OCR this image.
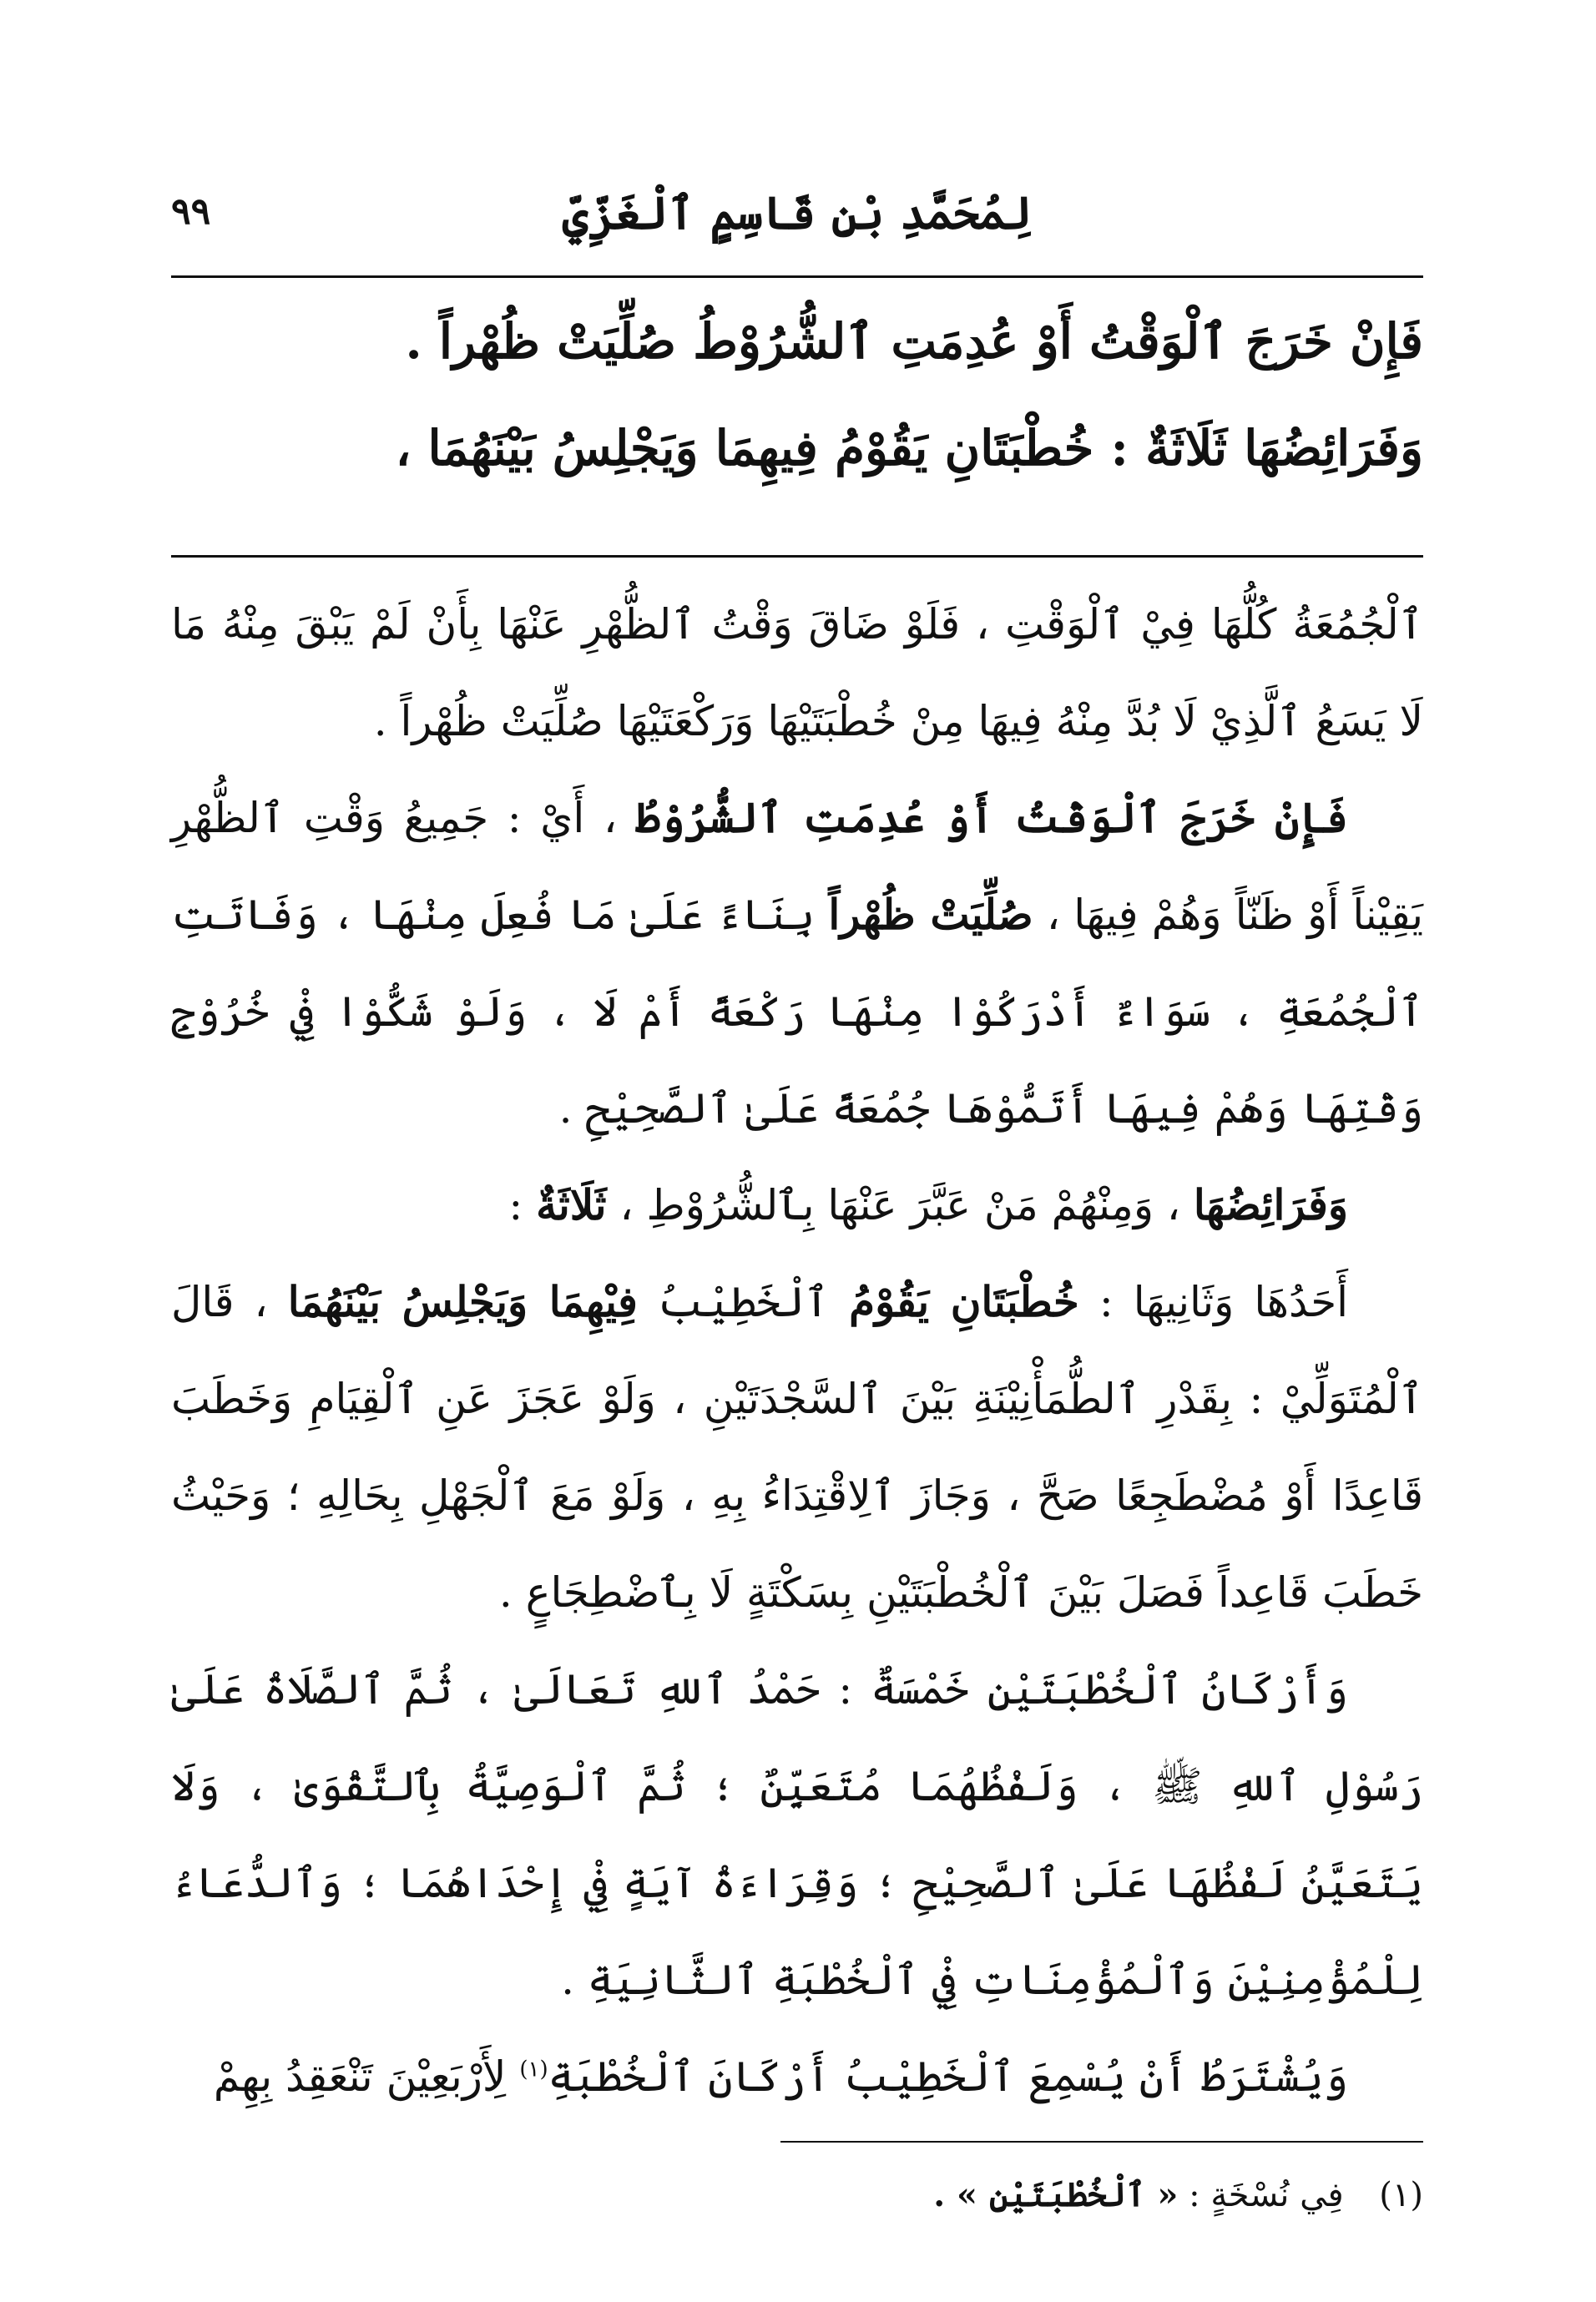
٩٩	لِمُحَمَّدِ بْنِ قَاسِمٍ ٱلْغَزِّيِّ

فَإِنْ خَرَجَ ٱلْوَقْتُ أَوْ عُدِمَتِ ٱلشُّرُوْطُ صُلِّيَتْ ظُهْراً .

وَفَرَائِضُهَا ثَلَاثَةٌ : خُطْبَتَانِ يَقُوْمُ فِيهِمَا وَيَجْلِسُ بَيْنَهُمَا ،

ٱلْجُمُعَةُ كُلُّهَا فِيْ ٱلْوَقْتِ ، فَلَوْ ضَاقَ وَقْتُ ٱلظُّهْرِ عَنْهَا بِأَنْ لَمْ يَبْقَ مِنْهُ مَا لَا يَسَعُ ٱلَّذِيْ لَا بُدَّ مِنْهُ فِيهَا مِنْ خُطْبَتَيْهَا وَرَكْعَتَيْهَا صُلِّيَتْ ظُهْراً .

فَإِنْ خَرَجَ ٱلْوَقْتُ أَوْ عُدِمَتِ ٱلشُّرُوْطُ ، أَيْ : جَمِيعُ وَقْتِ ٱلظُّهْرِ يَقِيْناً أَوْ ظَنّاً وَهُمْ فِيهَا ، صُلِّيَتْ ظُهْراً بِنَاءً عَلَىٰ مَا فُعِلَ مِنْهَا ، وَفَاتَتِ ٱلْجُمُعَةِ ، سَوَاءٌ أَدْرَكُوْا مِنْهَا رَكْعَةً أَمْ لَا ، وَلَوْ شَكُّوْا فِيْ خُرُوْجِ وَقْتِهَا وَهُمْ فِيهَا أَتَمُّوْهَا جُمُعَةً عَلَىٰ ٱلصَّحِيْحِ .

وَفَرَائِضُهَا ، وَمِنْهُمْ مَنْ عَبَّرَ عَنْهَا بِٱلشُّرُوْطِ ، ثَلَاثَةٌ :

أَحَدُهَا وَثَانِيهَا : خُطْبَتَانِ يَقُوْمُ ٱلْخَطِيْبُ فِيْهِمَا وَيَجْلِسُ بَيْنَهُمَا ، قَالَ ٱلْمُتَوَلِّيْ : بِقَدْرِ ٱلطُّمَأْنِيْنَةِ بَيْنَ ٱلسَّجْدَتَيْنِ ، وَلَوْ عَجَزَ عَنِ ٱلْقِيَامِ وَخَطَبَ قَاعِدًا أَوْ مُضْطَجِعًا صَحَّ ، وَجَازَ ٱلِاقْتِدَاءُ بِهِ ، وَلَوْ مَعَ ٱلْجَهْلِ بِحَالِهِ ؛ وَحَيْثُ خَطَبَ قَاعِداً فَصَلَ بَيْنَ ٱلْخُطْبَتَيْنِ بِسَكْتَةٍ لَا بِٱضْطِجَاعٍ .

وَأَرْكَانُ ٱلْخُطْبَتَيْنِ خَمْسَةٌ : حَمْدُ ٱللهِ تَعَالَىٰ ، ثُمَّ ٱلصَّلَاةُ عَلَىٰ رَسُوْلِ ٱللهِ ﷺ ، وَلَفْظُهُمَا مُتَعَيِّنٌ ؛ ثُمَّ ٱلْوَصِيَّةُ بِٱلتَّقْوَىٰ ، وَلَا يَتَعَيَّنُ لَفْظُهَا عَلَىٰ ٱلصَّحِيْحِ ؛ وَقِرَاءَةُ آيَةٍ فِيْ إِحْدَاهُمَا ؛ وَٱلدُّعَاءُ لِلْمُؤْمِنِيْنَ وَٱلْمُؤْمِنَاتِ فِيْ ٱلْخُطْبَةِ ٱلثَّانِيَةِ .

وَيُشْتَرَطُ أَنْ يُسْمِعَ ٱلْخَطِيْبُ أَرْكَانَ ٱلْخُطْبَةِ$^{(١)}$ لِأَرْبَعِيْنَ تَنْعَقِدُ بِهِمْ

(١) فِي نُسْخَةٍ : « ٱلْخُطْبَتَيْنِ » .
